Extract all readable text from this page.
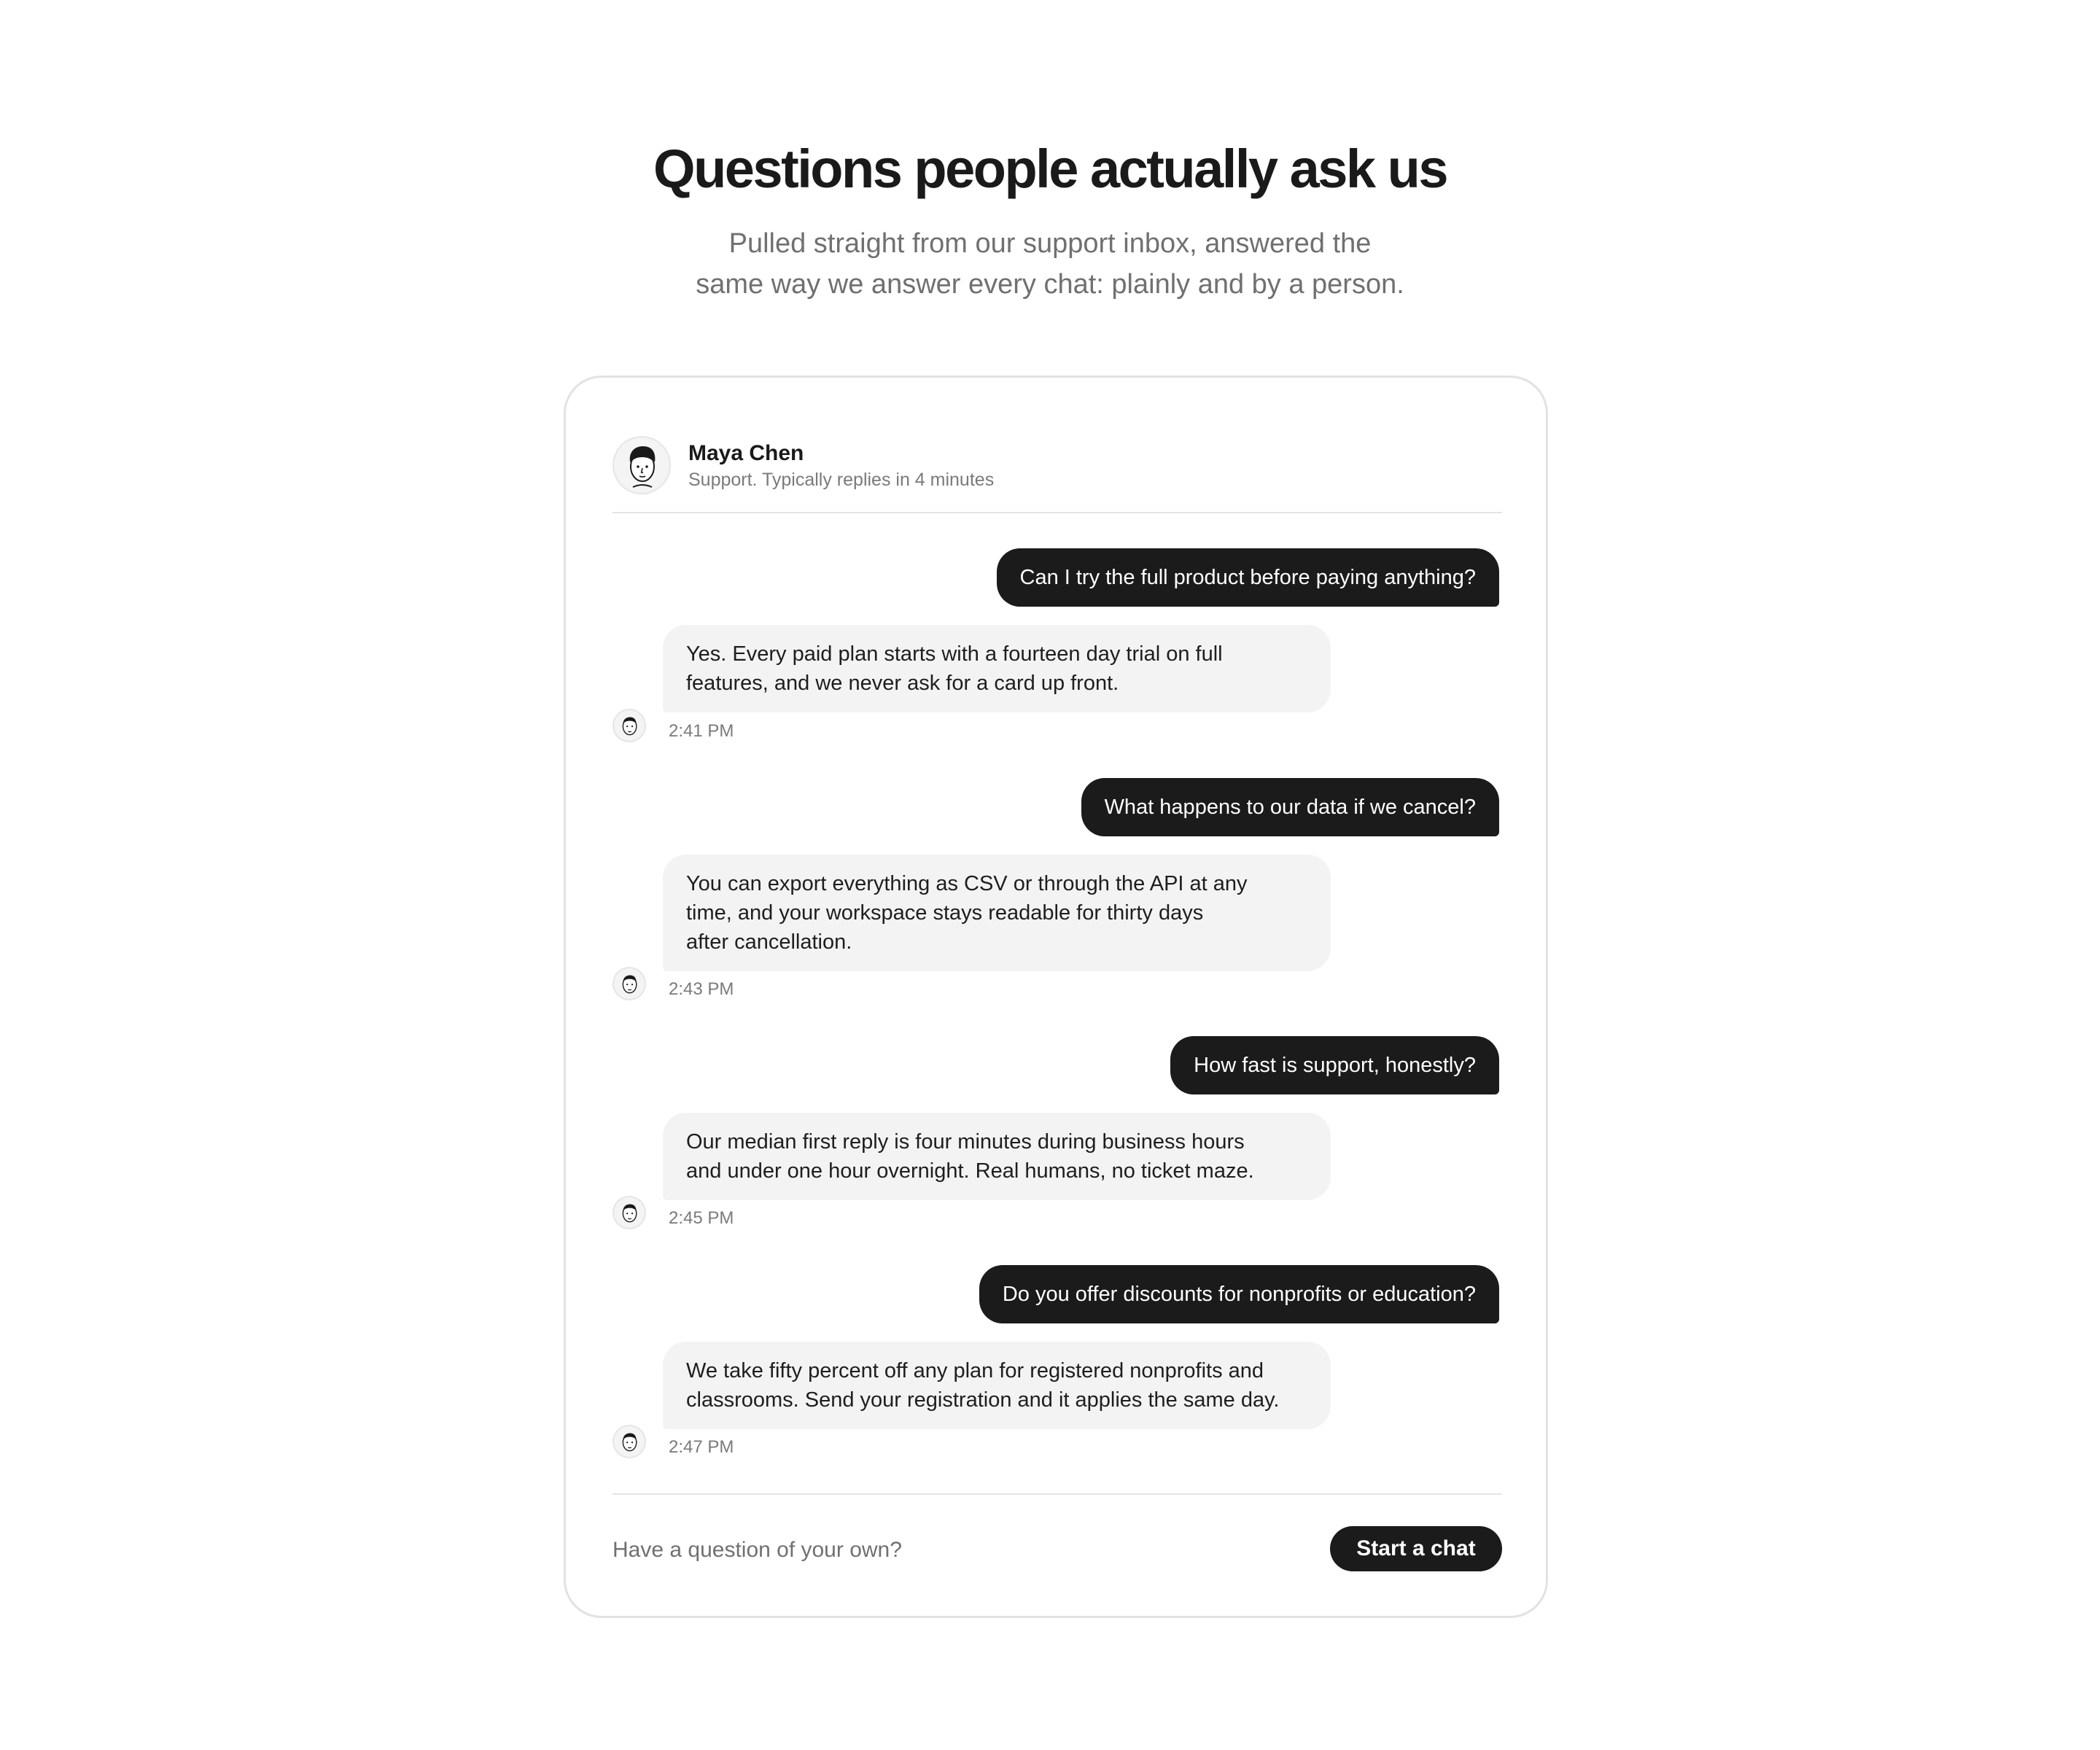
Questions people actually ask us

Pulled straight from our support inbox, answered the
same way we answer every chat: plainly and by a person.

Maya Chen
Support. Typically replies in 4 minutes
Can I try the full product before paying anything?
Yes. Every paid plan starts with a fourteen day trial on full
features, and we never ask for a card up front.
2:41 PM
What happens to our data if we cancel?
You can export everything as CSV or through the API at any
time, and your workspace stays readable for thirty days
after cancellation.
2:43 PM
How fast is support, honestly?
Our median first reply is four minutes during business hours
and under one hour overnight. Real humans, no ticket maze.
2:45 PM
Do you offer discounts for nonprofits or education?
We take fifty percent off any plan for registered nonprofits and
classrooms. Send your registration and it applies the same day.
2:47 PM
Have a question of your own?	Start a chat
